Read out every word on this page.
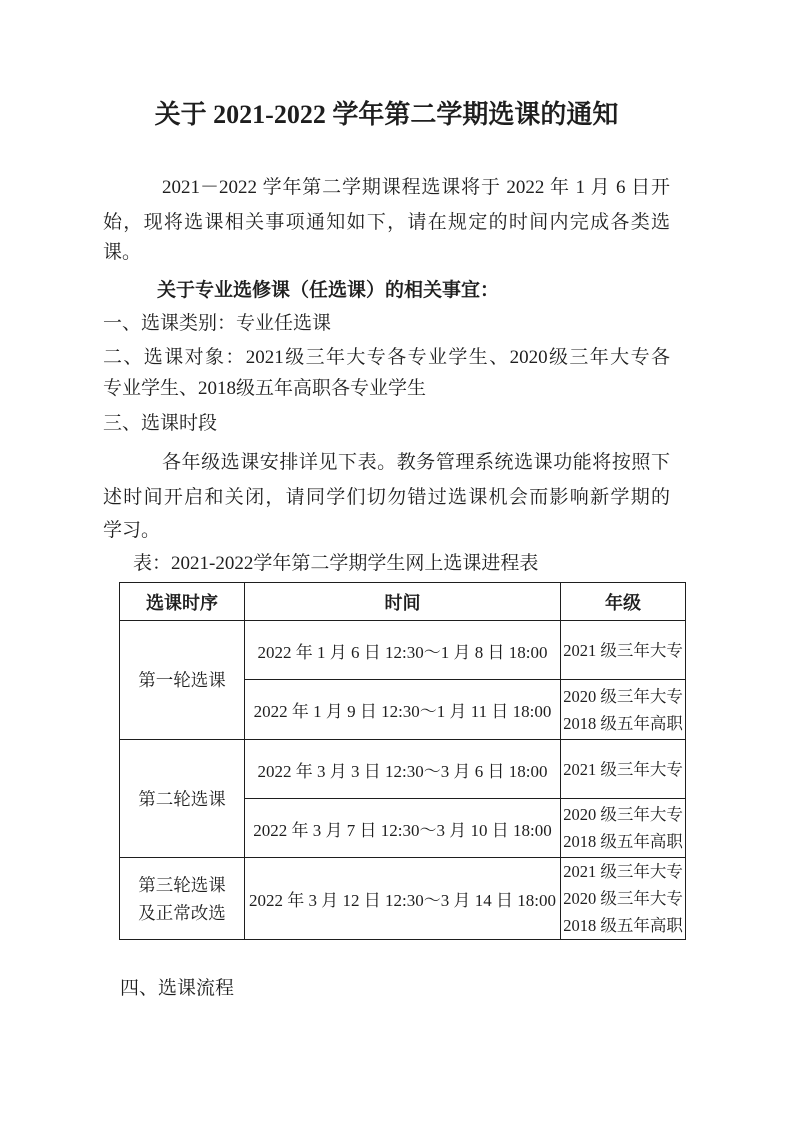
关于 2021-2022 学年第二学期选课的通知
2021－2022 学年第二学期课程选课将于 2022 年 1 月 6 日开
始，现将选课相关事项通知如下，请在规定的时间内完成各类选
课。
关于专业选修课（任选课）的相关事宜：
一、选课类别：专业任选课
二、选课对象：2021级三年大专各专业学生、2020级三年大专各
专业学生、2018级五年高职各专业学生
三、选课时段
各年级选课安排详见下表。教务管理系统选课功能将按照下
述时间开启和关闭，请同学们切勿错过选课机会而影响新学期的
学习。
表：2021-2022学年第二学期学生网上选课进程表
选课时序	时间	年级

第一轮选课	2022 年 1 月 6 日 12:30～1 月 8 日 18:00	2021 级三年大专

	2022 年 1 月 9 日 12:30～1 月 11 日 18:00	2020 级三年大专
2018 级五年高职

第二轮选课	2022 年 3 月 3 日 12:30～3 月 6 日 18:00	2021 级三年大专

	2022 年 3 月 7 日 12:30～3 月 10 日 18:00	2020 级三年大专
2018 级五年高职

第三轮选课
及正常改选
	2022 年 3 月 12 日 12:30～3 月 14 日 18:00	
2021 级三年大专
2020 级三年大专
2018 级五年高职
四、选课流程
